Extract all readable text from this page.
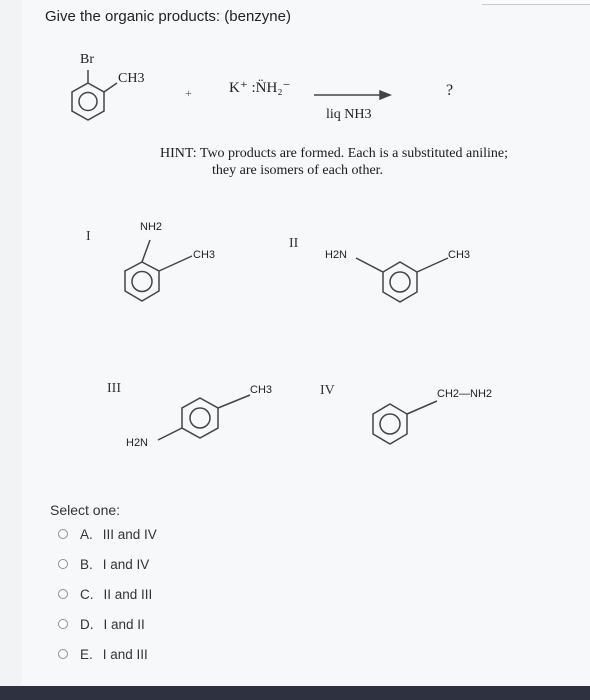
Give the organic products: (benzyne)
Br
CH3
+ K⁺ :N̈H₂⁻
liq NH3
?
HINT: Two products are formed. Each is a substituted aniline;
they are isomers of each other.
I
NH2
CH3
II
H2N	CH3
III	CH3
H2N
IV	CH2—NH2
Select one:
A. III and IV
B. I and IV
C. II and III
D. I and II
E. I and III
